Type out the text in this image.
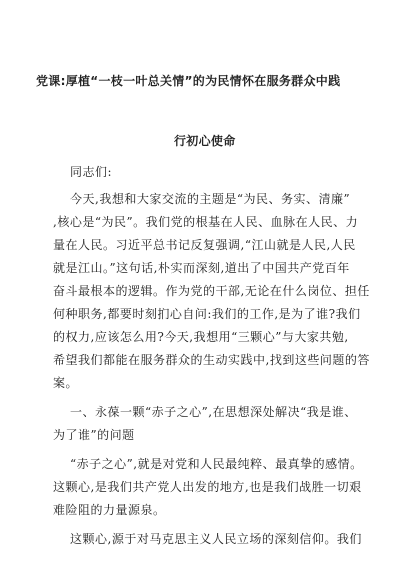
党课:厚植“一枝一叶总关情”的为民情怀在服务群众中践
行初心使命
同志们:
今天,我想和大家交流的主题是“为民、务实、清廉”
,核心是“为民”。我们党的根基在人民、血脉在人民、力
量在人民。习近平总书记反复强调,“江山就是人民,人民
就是江山。”这句话,朴实而深刻,道出了中国共产党百年
奋斗最根本的逻辑。作为党的干部,无论在什么岗位、担任
何种职务,都要时刻扪心自问:我们的工作,是为了谁?我们
的权力,应该怎么用?今天,我想用“三颗心”与大家共勉,
希望我们都能在服务群众的生动实践中,找到这些问题的答
案。
一、永葆一颗“赤子之心”,在思想深处解决“我是谁、
为了谁”的问题
“赤子之心”,就是对党和人民最纯粹、最真挚的感情。
这颗心,是我们共产党人出发的地方,也是我们战胜一切艰
难险阻的力量源泉。
这颗心,源于对马克思主义人民立场的深刻信仰。我们
